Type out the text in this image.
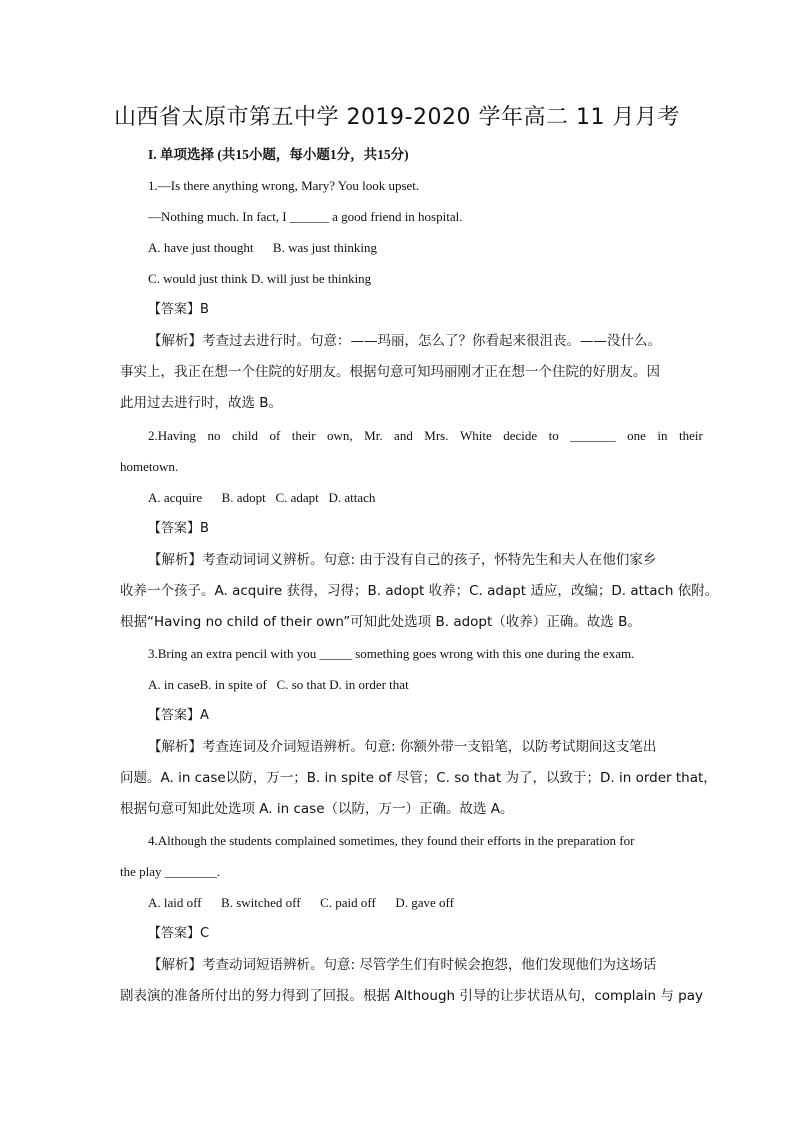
山西省太原市第五中学 2019-2020 学年高二 11 月月考
I. 单项选择 (共15小题，每小题1分，共15分)
1.—Is there anything wrong, Mary? You look upset.
—Nothing much. In fact, I ______ a good friend in hospital.
A. have just thought      B. was just thinking
C. would just think D. will just be thinking
【答案】B
【解析】考查过去进行时。句意：——玛丽，怎么了？你看起来很沮丧。——没什么。
事实上，我正在想一个住院的好朋友。根据句意可知玛丽刚才正在想一个住院的好朋友。因
此用过去进行时，故选 B。
2.Having no child of their own, Mr. and Mrs. White decide to _______ one in their
hometown.
A. acquire      B. adopt   C. adapt   D. attach
【答案】B
【解析】考查动词词义辨析。句意: 由于没有自己的孩子，怀特先生和夫人在他们家乡
收养一个孩子。A. acquire 获得，习得；B. adopt 收养；C. adapt 适应，改编；D. attach 依附。
根据“Having no child of their own”可知此处选项 B. adopt（收养）正确。故选 B。
3.Bring an extra pencil with you _____ something goes wrong with this one during the exam.
A. in caseB. in spite of   C. so that D. in order that
【答案】A
【解析】考查连词及介词短语辨析。句意: 你额外带一支铅笔，以防考试期间这支笔出
问题。A. in case以防，万一；B. in spite of 尽管；C. so that 为了，以致于；D. in order that，
根据句意可知此处选项 A. in case（以防，万一）正确。故选 A。
4.Although the students complained sometimes, they found their efforts in the preparation for
the play ________.
A. laid off      B. switched off      C. paid off      D. gave off
【答案】C
【解析】考查动词短语辨析。句意: 尽管学生们有时候会抱怨，他们发现他们为这场话
剧表演的准备所付出的努力得到了回报。根据 Although 引导的让步状语从句，complain 与 pay
